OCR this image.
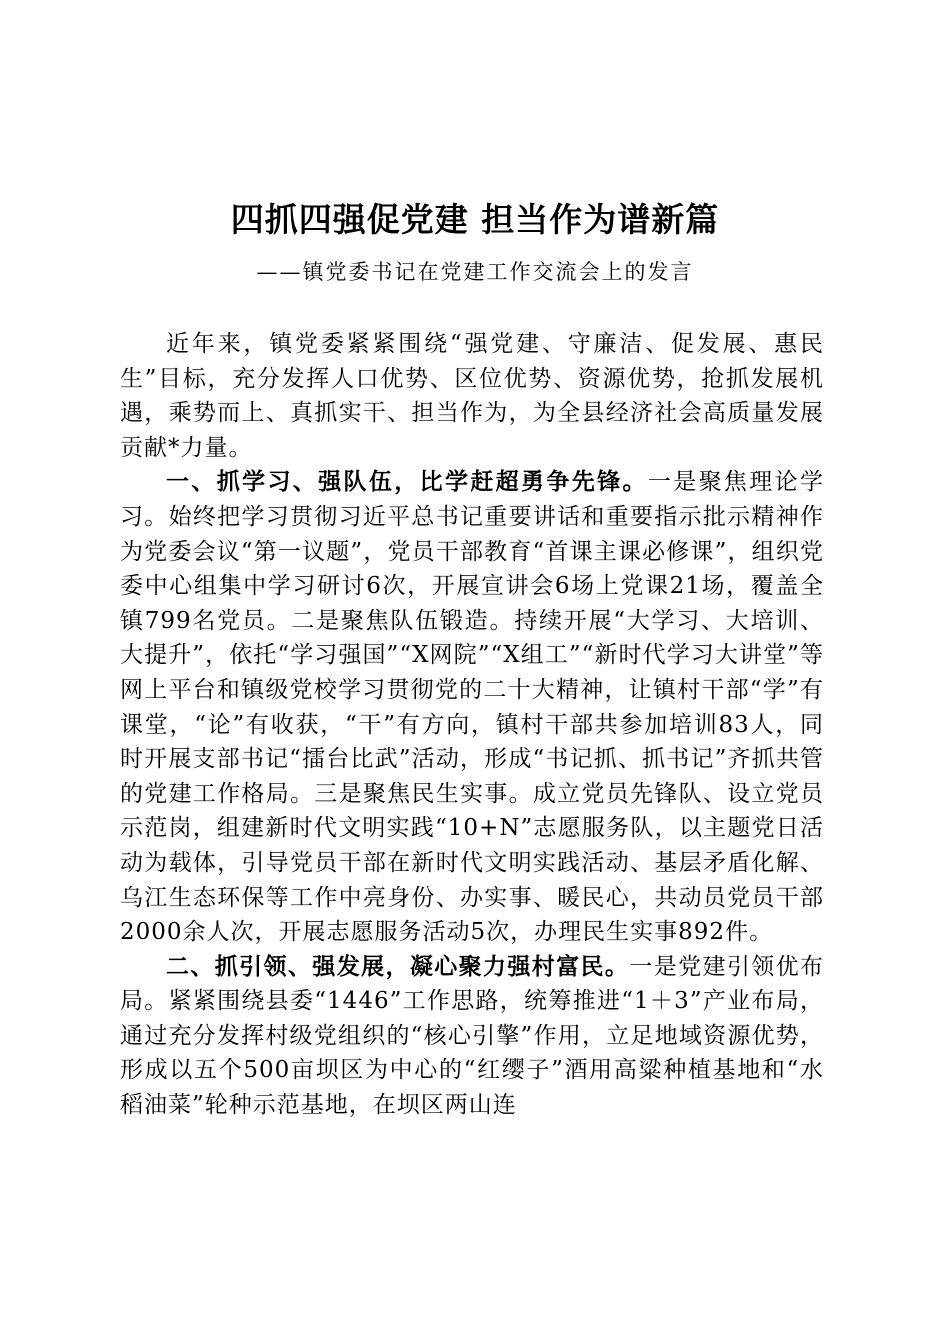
四抓四强促党建 担当作为谱新篇
——镇党委书记在党建工作交流会上的发言

近年来，镇党委紧紧围绕“强党建、守廉洁、促发展、惠民生”目标，充分发挥人口优势、区位优势、资源优势，抢抓发展机遇，乘势而上、真抓实干、担当作为，为全县经济社会高质量发展贡献*力量。

一、抓学习、强队伍，比学赶超勇争先锋。一是聚焦理论学习。始终把学习贯彻习近平总书记重要讲话和重要指示批示精神作为党委会议“第一议题”，党员干部教育“首课主课必修课”，组织党委中心组集中学习研讨6次，开展宣讲会6场上党课21场，覆盖全镇799名党员。二是聚焦队伍锻造。持续开展“大学习、大培训、大提升”，依托“学习强国”“X网院”“X组工”“新时代学习大讲堂”等网上平台和镇级党校学习贯彻党的二十大精神，让镇村干部“学”有课堂，“论”有收获，“干”有方向，镇村干部共参加培训83人，同时开展支部书记“擂台比武”活动，形成“书记抓、抓书记”齐抓共管的党建工作格局。三是聚焦民生实事。成立党员先锋队、设立党员示范岗，组建新时代文明实践“10+N”志愿服务队，以主题党日活动为载体，引导党员干部在新时代文明实践活动、基层矛盾化解、乌江生态环保等工作中亮身份、办实事、暖民心，共动员党员干部2000余人次，开展志愿服务活动5次，办理民生实事892件。

二、抓引领、强发展，凝心聚力强村富民。一是党建引领优布局。紧紧围绕县委“1446”工作思路，统筹推进“1＋3”产业布局，通过充分发挥村级党组织的“核心引擎”作用，立足地域资源优势，形成以五个500亩坝区为中心的“红缨子”酒用高粱种植基地和“水稻油菜”轮种示范基地，在坝区两山连
